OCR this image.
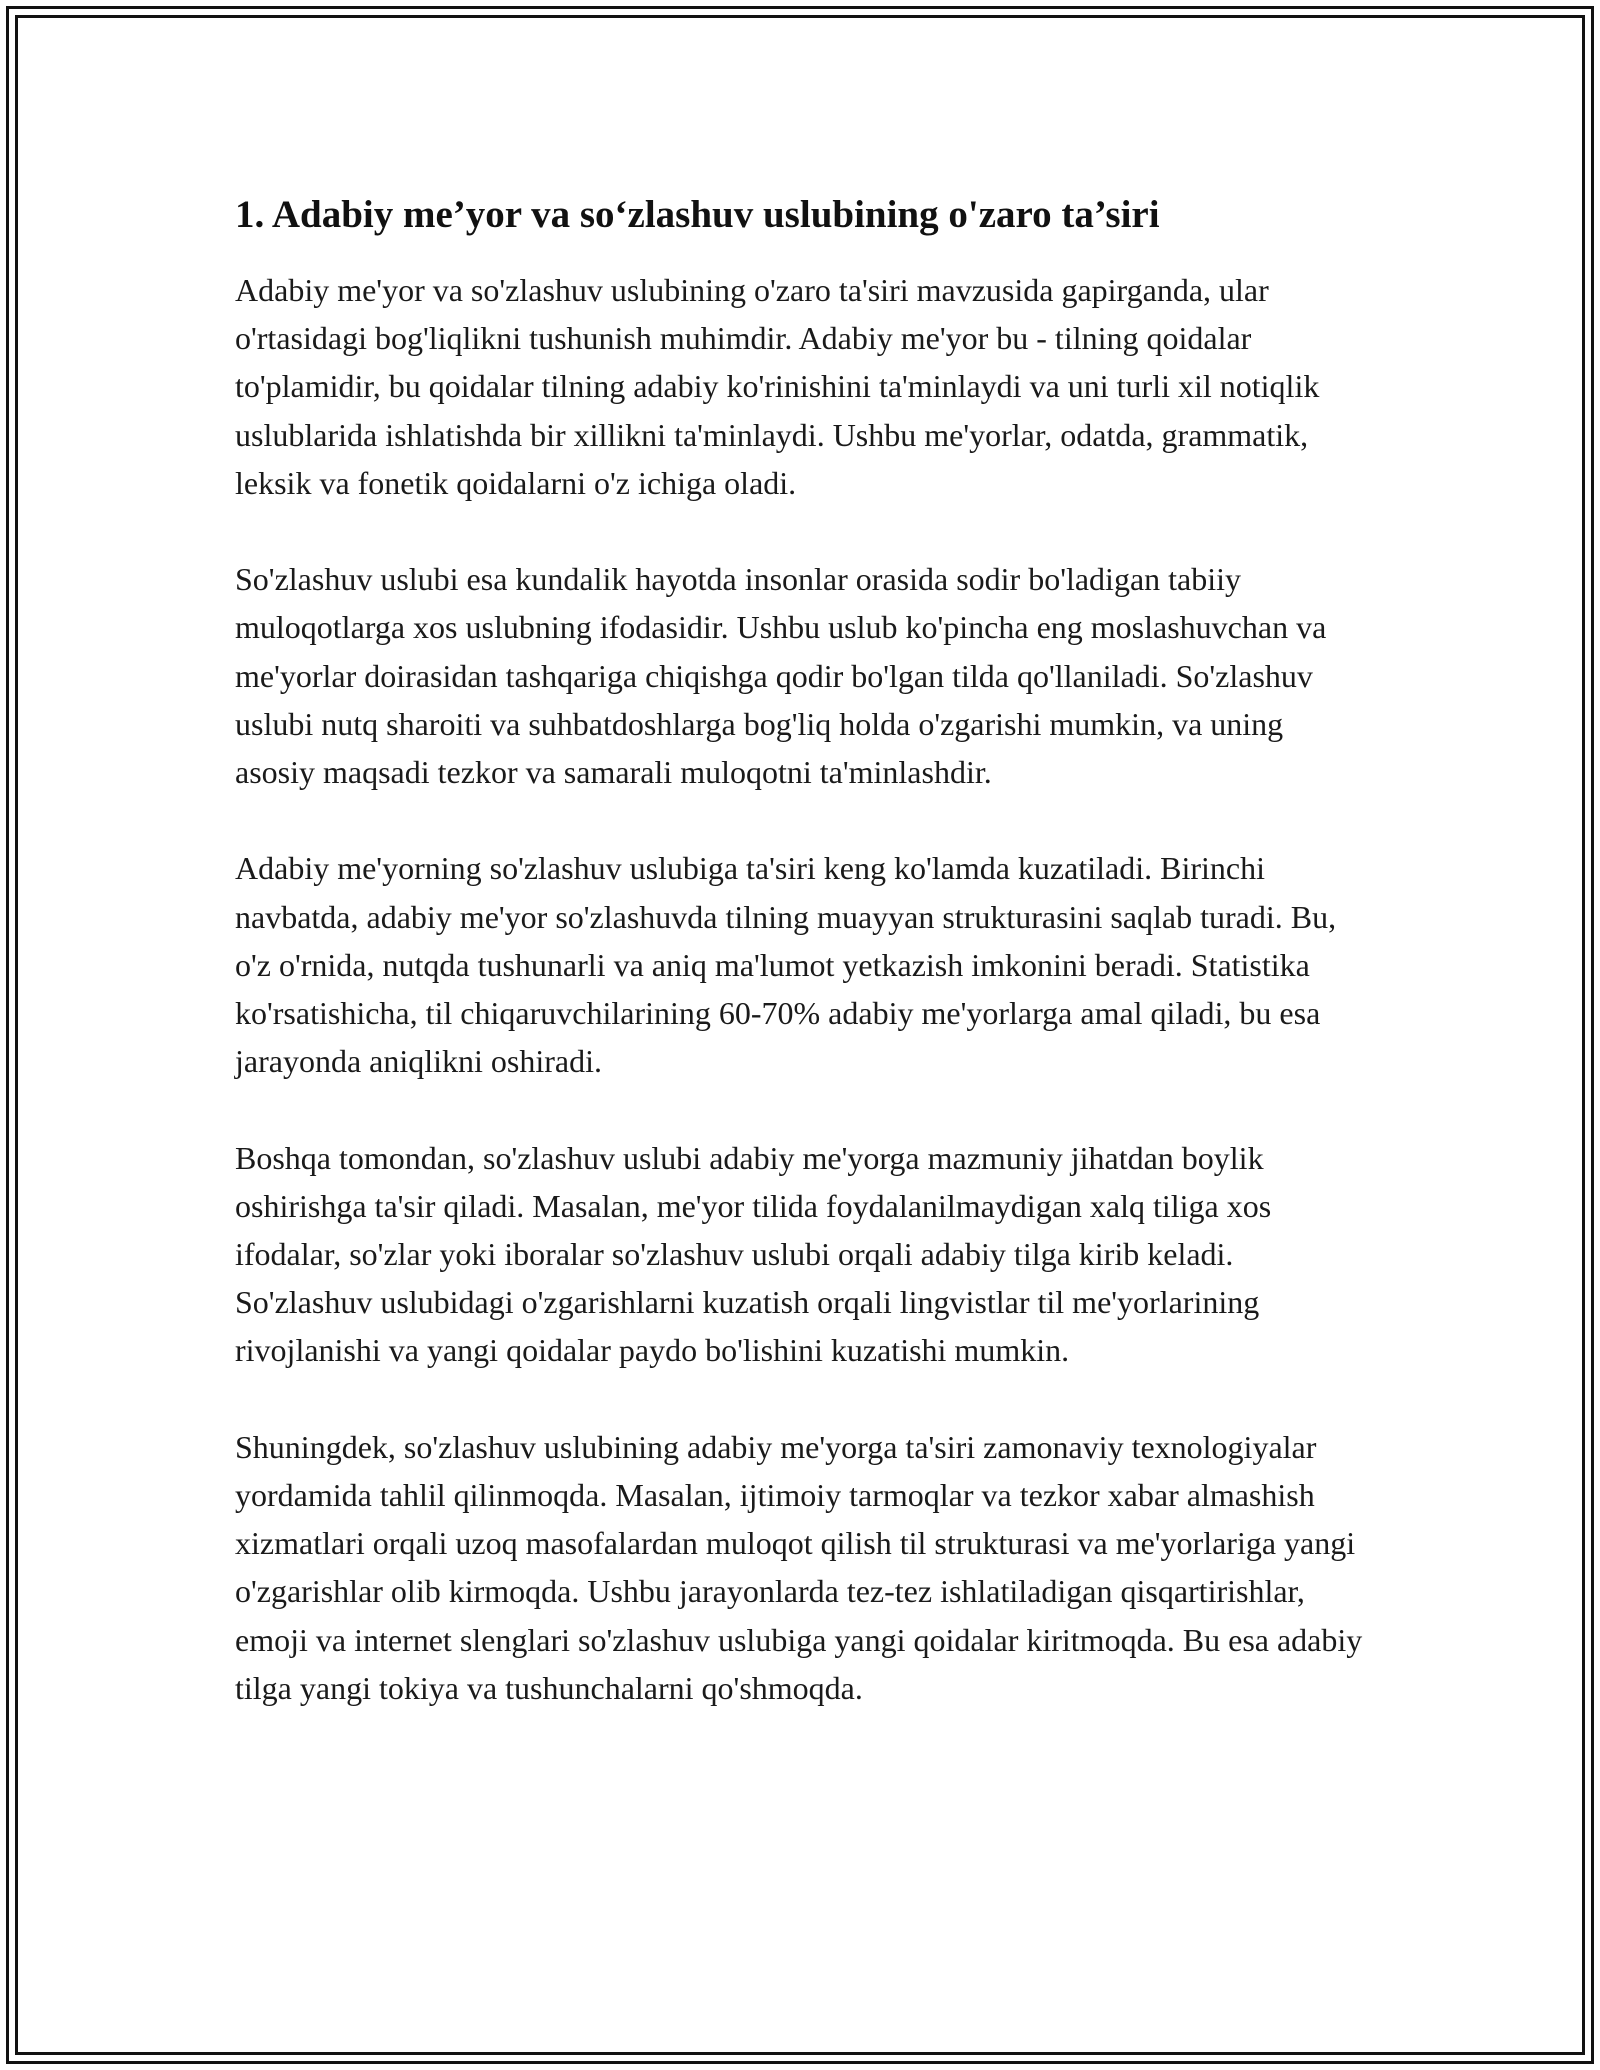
1. Adabiy me’yor va so‘zlashuv uslubining o'zaro ta’siri

Adabiy me'yor va so'zlashuv uslubining o'zaro ta'siri mavzusida gapirganda, ular o'rtasidagi bog'liqlikni tushunish muhimdir. Adabiy me'yor bu - tilning qoidalar to'plamidir, bu qoidalar tilning adabiy ko'rinishini ta'minlaydi va uni turli xil notiqlik uslublarida ishlatishda bir xillikni ta'minlaydi. Ushbu me'yorlar, odatda, grammatik, leksik va fonetik qoidalarni o'z ichiga oladi.

So'zlashuv uslubi esa kundalik hayotda insonlar orasida sodir bo'ladigan tabiiy muloqotlarga xos uslubning ifodasidir. Ushbu uslub ko'pincha eng moslashuvchan va me'yorlar doirasidan tashqariga chiqishga qodir bo'lgan tilda qo'llaniladi. So'zlashuv uslubi nutq sharoiti va suhbatdoshlarga bog'liq holda o'zgarishi mumkin, va uning asosiy maqsadi tezkor va samarali muloqotni ta'minlashdir.

Adabiy me'yorning so'zlashuv uslubiga ta'siri keng ko'lamda kuzatiladi. Birinchi navbatda, adabiy me'yor so'zlashuvda tilning muayyan strukturasini saqlab turadi. Bu, o'z o'rnida, nutqda tushunarli va aniq ma'lumot yetkazish imkonini beradi. Statistika ko'rsatishicha, til chiqaruvchilarining 60-70% adabiy me'yorlarga amal qiladi, bu esa jarayonda aniqlikni oshiradi.

Boshqa tomondan, so'zlashuv uslubi adabiy me'yorga mazmuniy jihatdan boylik oshirishga ta'sir qiladi. Masalan, me'yor tilida foydalanilmaydigan xalq tiliga xos ifodalar, so'zlar yoki iboralar so'zlashuv uslubi orqali adabiy tilga kirib keladi. So'zlashuv uslubidagi o'zgarishlarni kuzatish orqali lingvistlar til me'yorlarining rivojlanishi va yangi qoidalar paydo bo'lishini kuzatishi mumkin.

Shuningdek, so'zlashuv uslubining adabiy me'yorga ta'siri zamonaviy texnologiyalar yordamida tahlil qilinmoqda. Masalan, ijtimoiy tarmoqlar va tezkor xabar almashish xizmatlari orqali uzoq masofalardan muloqot qilish til strukturasi va me'yorlariga yangi o'zgarishlar olib kirmoqda. Ushbu jarayonlarda tez-tez ishlatiladigan qisqartirishlar, emoji va internet slenglari so'zlashuv uslubiga yangi qoidalar kiritmoqda. Bu esa adabiy tilga yangi tokiya va tushunchalarni qo'shmoqda.
